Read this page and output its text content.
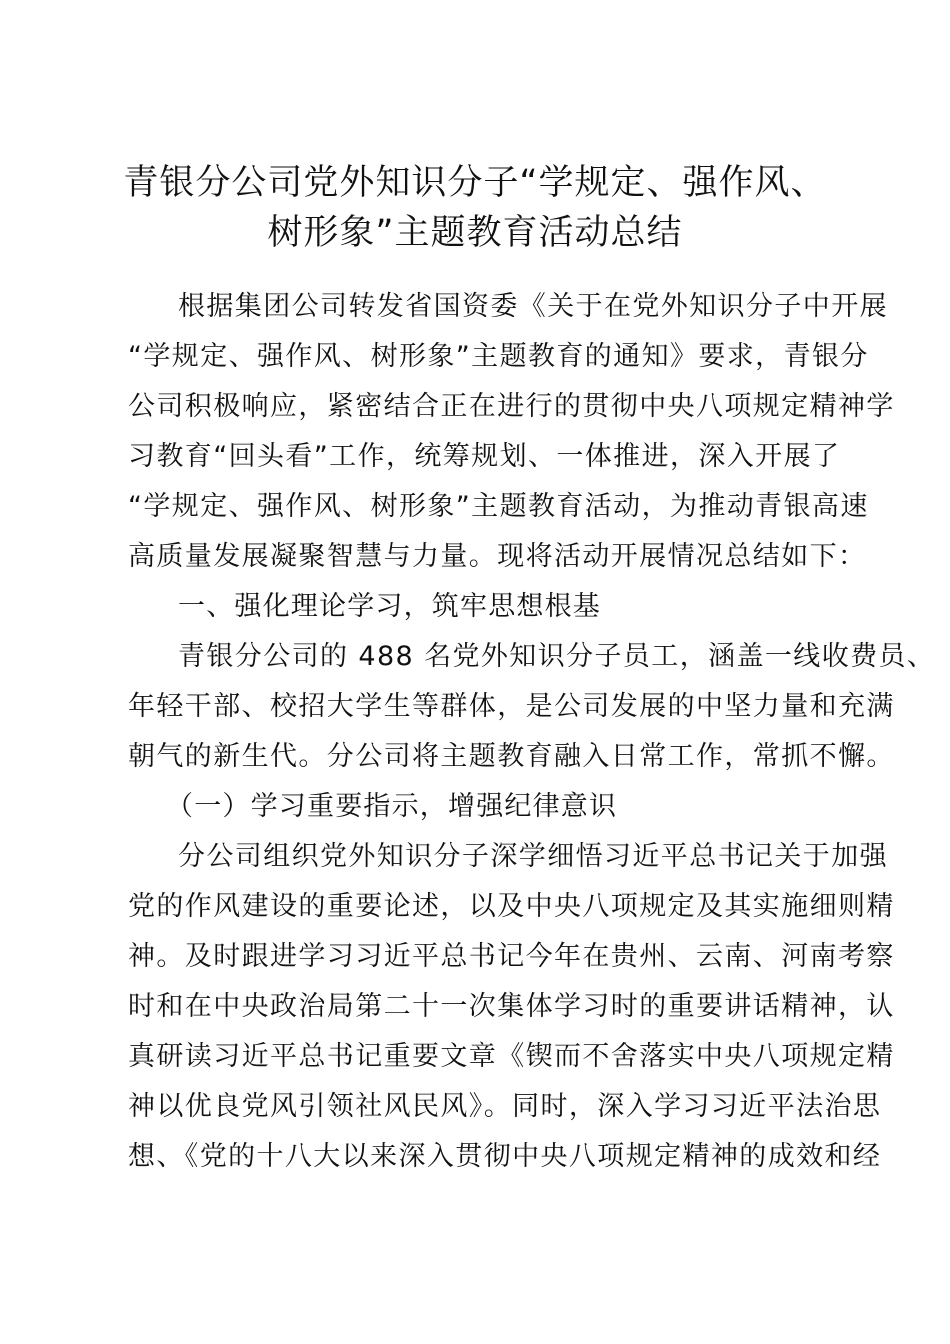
青银分公司党外知识分子“学规定、强作风、
树形象”主题教育活动总结
根据集团公司转发省国资委《关于在党外知识分子中开展
“学规定、强作风、树形象”主题教育的通知》要求，青银分
公司积极响应，紧密结合正在进行的贯彻中央八项规定精神学
习教育“回头看”工作，统筹规划、一体推进，深入开展了
“学规定、强作风、树形象”主题教育活动，为推动青银高速
高质量发展凝聚智慧与力量。现将活动开展情况总结如下：
一、强化理论学习，筑牢思想根基
青银分公司的 488 名党外知识分子员工，涵盖一线收费员、
年轻干部、校招大学生等群体，是公司发展的中坚力量和充满
朝气的新生代。分公司将主题教育融入日常工作，常抓不懈。
（一）学习重要指示，增强纪律意识
分公司组织党外知识分子深学细悟习近平总书记关于加强
党的作风建设的重要论述，以及中央八项规定及其实施细则精
神。及时跟进学习习近平总书记今年在贵州、云南、河南考察
时和在中央政治局第二十一次集体学习时的重要讲话精神，认
真研读习近平总书记重要文章《锲而不舍落实中央八项规定精
神以优良党风引领社风民风》。同时，深入学习习近平法治思
想、《党的十八大以来深入贯彻中央八项规定精神的成效和经
